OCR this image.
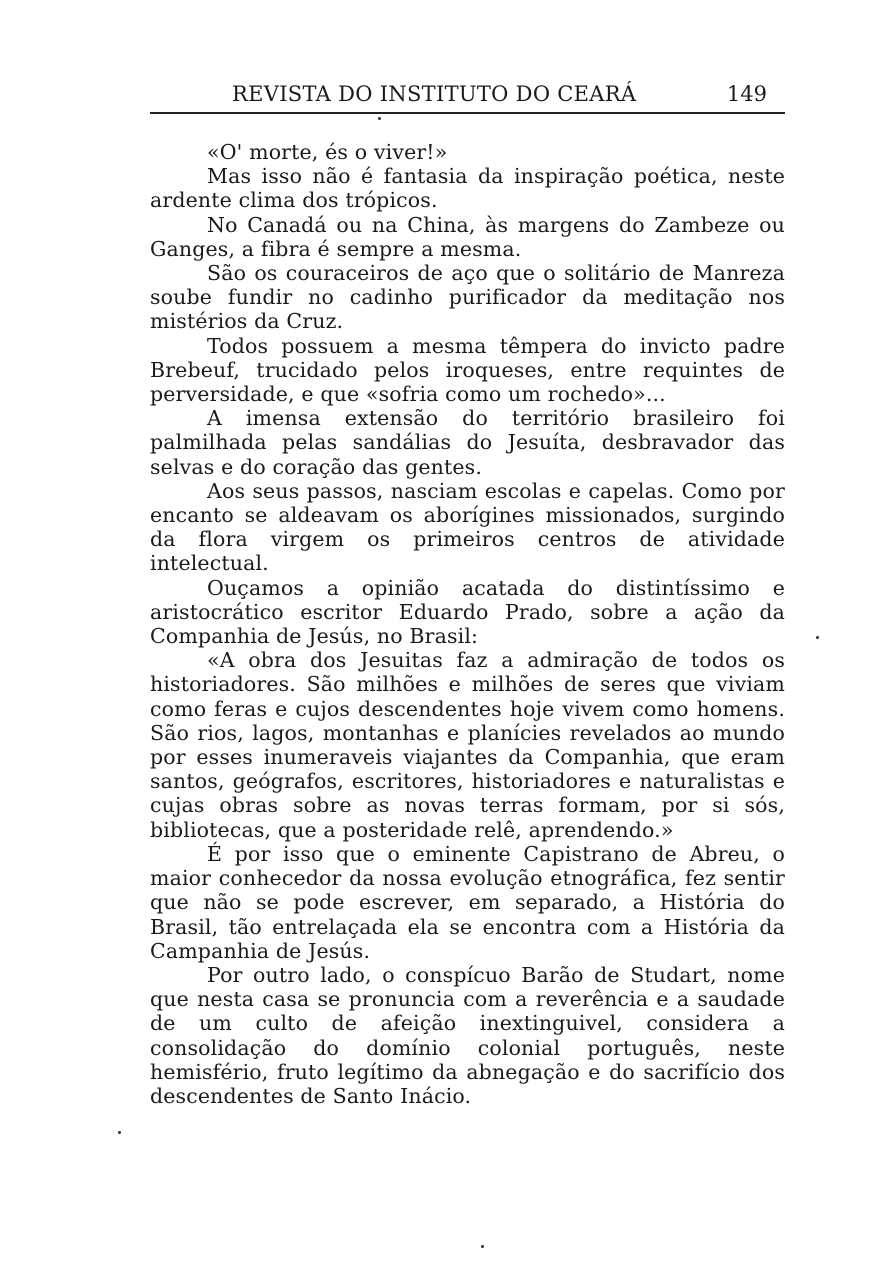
REVISTA DO INSTITUTO DO CEARÁ	149

«O' morte, és o viver!»

Mas isso não é fantasia da inspiração poética, neste ardente clima dos trópicos.

No Canadá ou na China, às margens do Zambeze ou Ganges, a fibra é sempre a mesma.

São os couraceiros de aço que o solitário de Manreza soube fundir no cadinho purificador da meditação nos mistérios da Cruz.

Todos possuem a mesma têmpera do invicto padre Brebeuf, trucidado pelos iroqueses, entre requintes de perversidade, e que «sofria como um rochedo»...

A imensa extensão do território brasileiro foi palmilhada pelas sandálias do Jesuíta, desbravador das selvas e do coração das gentes.

Aos seus passos, nasciam escolas e capelas. Como por encanto se aldeavam os aborígines missionados, surgindo da flora virgem os primeiros centros de atividade intelectual.

Ouçamos a opinião acatada do distintíssimo e aristocrático escritor Eduardo Prado, sobre a ação da Companhia de Jesús, no Brasil:

«A obra dos Jesuitas faz a admiração de todos os historiadores. São milhões e milhões de seres que viviam como feras e cujos descendentes hoje vivem como homens. São rios, lagos, montanhas e planícies revelados ao mundo por esses inumeraveis viajantes da Companhia, que eram santos, geógrafos, escritores, historiadores e naturalistas e cujas obras sobre as novas terras formam, por si sós, bibliotecas, que a posteridade relê, aprendendo.»

É por isso que o eminente Capistrano de Abreu, o maior conhecedor da nossa evolução etnográfica, fez sentir que não se pode escrever, em separado, a História do Brasil, tão entrelaçada ela se encontra com a História da Campanhia de Jesús.

Por outro lado, o conspícuo Barão de Studart, nome que nesta casa se pronuncia com a reverência e a saudade de um culto de afeição inextinguivel, considera a consolidação do domínio colonial português, neste hemisfério, fruto legítimo da abnegação e do sacrifício dos descendentes de Santo Inácio.
